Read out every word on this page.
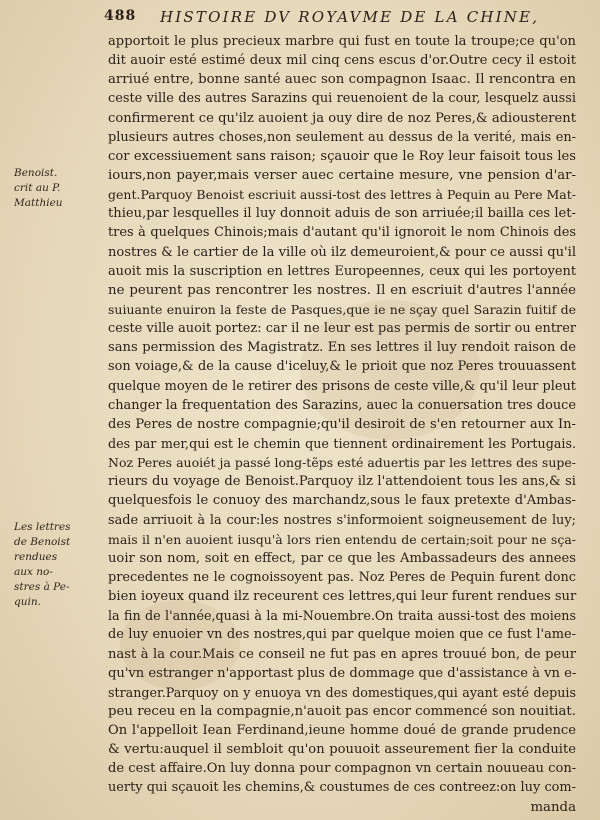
488 HISTOIRE DV ROYAVME DE LA CHINE,
Benoist.
crit au P.
Matthieu
Les lettres
de Benoist
rendues
aux no-
stres à Pe-
quin.
apportoit le plus precieux marbre qui fust en toute la troupe;ce qu'on
dit auoir esté estimé deux mil cinq cens escus d'or.Outre cecy il estoit
arriué entre, bonne santé auec son compagnon Isaac. Il rencontra en
ceste ville des autres Sarazins qui reuenoient de la cour, lesquelz aussi
confirmerent ce qu'ilz auoient ja ouy dire de noz Peres,& adiousterent
plusieurs autres choses,non seulement au dessus de la verité, mais en-
cor excessiuement sans raison; sçauoir que le Roy leur faisoit tous les
iours,non payer,mais verser auec certaine mesure, vne pension d'ar-
gent.Parquoy Benoist escriuit aussi-tost des lettres à Pequin au Pere Mat-
thieu,par lesquelles il luy donnoit aduis de son arriuée;il bailla ces let-
tres à quelques Chinois;mais d'autant qu'il ignoroit le nom Chinois des
nostres & le cartier de la ville où ilz demeuroient,& pour ce aussi qu'il
auoit mis la suscription en lettres Europeennes, ceux qui les portoyent
ne peurent pas rencontrer les nostres. Il en escriuit d'autres l'année
suiuante enuiron la feste de Pasques,que ie ne sçay quel Sarazin fuitif de
ceste ville auoit portez: car il ne leur est pas permis de sortir ou entrer
sans permission des Magistratz. En ses lettres il luy rendoit raison de
son voiage,& de la cause d'iceluy,& le prioit que noz Peres trouuassent
quelque moyen de le retirer des prisons de ceste ville,& qu'il leur pleut
changer la frequentation des Sarazins, auec la conuersation tres douce
des Peres de nostre compagnie;qu'il desiroit de s'en retourner aux In-
des par mer,qui est le chemin que tiennent ordinairement les Portugais.
Noz Peres auoiét ja passé long-tẽps esté aduertis par les lettres des supe-
rieurs du voyage de Benoist.Parquoy ilz l'attendoient tous les ans,& si
quelquesfois le conuoy des marchandz,sous le faux pretexte d'Ambas-
sade arriuoit à la cour:les nostres s'informoient soigneusement de luy;
mais il n'en auoient iusqu'à lors rien entendu de certain;soit pour ne sça-
uoir son nom, soit en effect, par ce que les Ambassadeurs des annees
precedentes ne le cognoissoyent pas. Noz Peres de Pequin furent donc
bien ioyeux quand ilz receurent ces lettres,qui leur furent rendues sur
la fin de l'année,quasi à la mi-Nouembre.On traita aussi-tost des moiens
de luy enuoier vn des nostres,qui par quelque moien que ce fust l'ame-
nast à la cour.Mais ce conseil ne fut pas en apres trouué bon, de peur
qu'vn estranger n'apportast plus de dommage que d'assistance à vn e-
stranger.Parquoy on y enuoya vn des domestiques,qui ayant esté depuis
peu receu en la compagnie,n'auoit pas encor commencé son nouitiat.
On l'appelloit Iean Ferdinand,ieune homme doué de grande prudence
& vertu:auquel il sembloit qu'on pouuoit asseurement fier la conduite
de cest affaire.On luy donna pour compagnon vn certain nouueau con-
uerty qui sçauoit les chemins,& coustumes de ces contreez:on luy com-
manda
